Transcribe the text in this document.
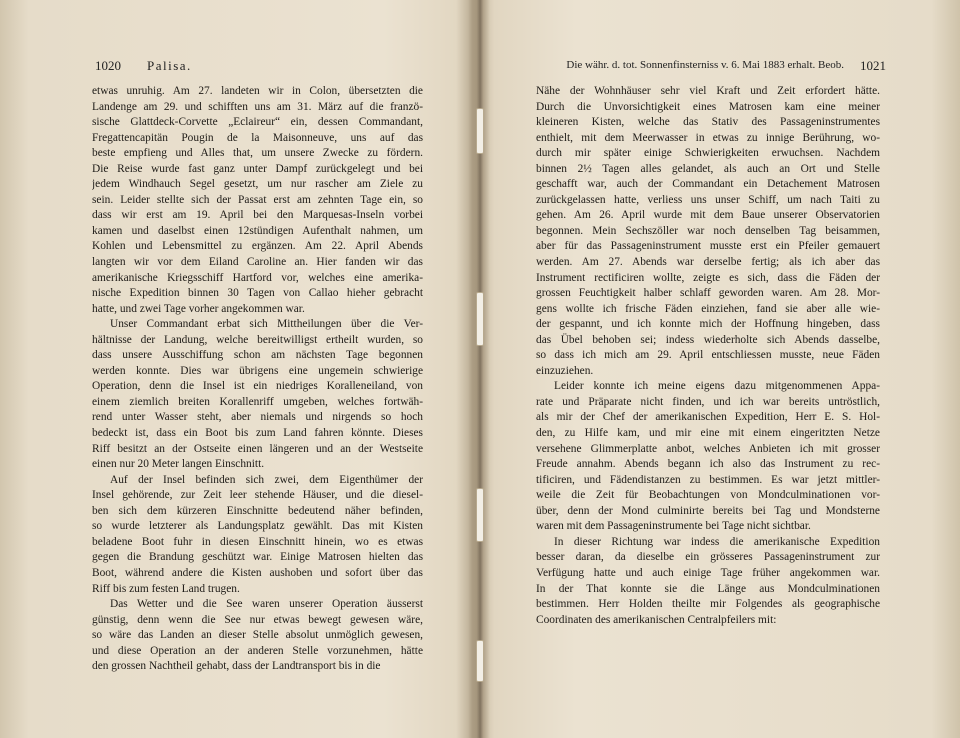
1020 Palisa.
etwas unruhig. Am 27. landeten wir in Colon, übersetzten die
Landenge am 29. und schifften uns am 31. März auf die franzö-
sische Glattdeck-Corvette „Eclaireur“ ein, dessen Commandant,
Fregattencapitän Pougin de la Maisonneuve, uns auf das
beste empfieng und Alles that, um unsere Zwecke zu fördern.
Die Reise wurde fast ganz unter Dampf zurückgelegt und bei
jedem Windhauch Segel gesetzt, um nur rascher am Ziele zu
sein. Leider stellte sich der Passat erst am zehnten Tage ein, so
dass wir erst am 19. April bei den Marquesas-Inseln vorbei
kamen und daselbst einen 12stündigen Aufenthalt nahmen, um
Kohlen und Lebensmittel zu ergänzen. Am 22. April Abends
langten wir vor dem Eiland Caroline an. Hier fanden wir das
amerikanische Kriegsschiff Hartford vor, welches eine amerika-
nische Expedition binnen 30 Tagen von Callao hieher gebracht
hatte, und zwei Tage vorher angekommen war.
Unser Commandant erbat sich Mittheilungen über die Ver-
hältnisse der Landung, welche bereitwilligst ertheilt wurden, so
dass unsere Ausschiffung schon am nächsten Tage begonnen
werden konnte. Dies war übrigens eine ungemein schwierige
Operation, denn die Insel ist ein niedriges Koralleneiland, von
einem ziemlich breiten Korallenriff umgeben, welches fortwäh-
rend unter Wasser steht, aber niemals und nirgends so hoch
bedeckt ist, dass ein Boot bis zum Land fahren könnte. Dieses
Riff besitzt an der Ostseite einen längeren und an der Westseite
einen nur 20 Meter langen Einschnitt.
Auf der Insel befinden sich zwei, dem Eigenthümer der
Insel gehörende, zur Zeit leer stehende Häuser, und die diesel-
ben sich dem kürzeren Einschnitte bedeutend näher befinden,
so wurde letzterer als Landungsplatz gewählt. Das mit Kisten
beladene Boot fuhr in diesen Einschnitt hinein, wo es etwas
gegen die Brandung geschützt war. Einige Matrosen hielten das
Boot, während andere die Kisten aushoben und sofort über das
Riff bis zum festen Land trugen.
Das Wetter und die See waren unserer Operation äusserst
günstig, denn wenn die See nur etwas bewegt gewesen wäre,
so wäre das Landen an dieser Stelle absolut unmöglich gewesen,
und diese Operation an der anderen Stelle vorzunehmen, hätte
den grossen Nachtheil gehabt, dass der Landtransport bis in die
Die währ. d. tot. Sonnenfinsterniss v. 6. Mai 1883 erhalt. Beob. 1021
Nähe der Wohnhäuser sehr viel Kraft und Zeit erfordert hätte.
Durch die Unvorsichtigkeit eines Matrosen kam eine meiner
kleineren Kisten, welche das Stativ des Passageninstrumentes
enthielt, mit dem Meerwasser in etwas zu innige Berührung, wo-
durch mir später einige Schwierigkeiten erwuchsen. Nachdem
binnen 2½ Tagen alles gelandet, als auch an Ort und Stelle
geschafft war, auch der Commandant ein Detachement Matrosen
zurückgelassen hatte, verliess uns unser Schiff, um nach Taiti zu
gehen. Am 26. April wurde mit dem Baue unserer Observatorien
begonnen. Mein Sechszöller war noch denselben Tag beisammen,
aber für das Passageninstrument musste erst ein Pfeiler gemauert
werden. Am 27. Abends war derselbe fertig; als ich aber das
Instrument rectificiren wollte, zeigte es sich, dass die Fäden der
grossen Feuchtigkeit halber schlaff geworden waren. Am 28. Mor-
gens wollte ich frische Fäden einziehen, fand sie aber alle wie-
der gespannt, und ich konnte mich der Hoffnung hingeben, dass
das Übel behoben sei; indess wiederholte sich Abends dasselbe,
so dass ich mich am 29. April entschliessen musste, neue Fäden
einzuziehen.
Leider konnte ich meine eigens dazu mitgenommenen Appa-
rate und Präparate nicht finden, und ich war bereits untröstlich,
als mir der Chef der amerikanischen Expedition, Herr E. S. Hol-
den, zu Hilfe kam, und mir eine mit einem eingeritzten Netze
versehene Glimmerplatte anbot, welches Anbieten ich mit grosser
Freude annahm. Abends begann ich also das Instrument zu rec-
tificiren, und Fädendistanzen zu bestimmen. Es war jetzt mittler-
weile die Zeit für Beobachtungen von Mondculminationen vor-
über, denn der Mond culminirte bereits bei Tag und Mondsterne
waren mit dem Passageninstrumente bei Tage nicht sichtbar.
In dieser Richtung war indess die amerikanische Expedition
besser daran, da dieselbe ein grösseres Passageninstrument zur
Verfügung hatte und auch einige Tage früher angekommen war.
In der That konnte sie die Länge aus Mondculminationen
bestimmen. Herr Holden theilte mir Folgendes als geographische
Coordinaten des amerikanischen Centralpfeilers mit:
